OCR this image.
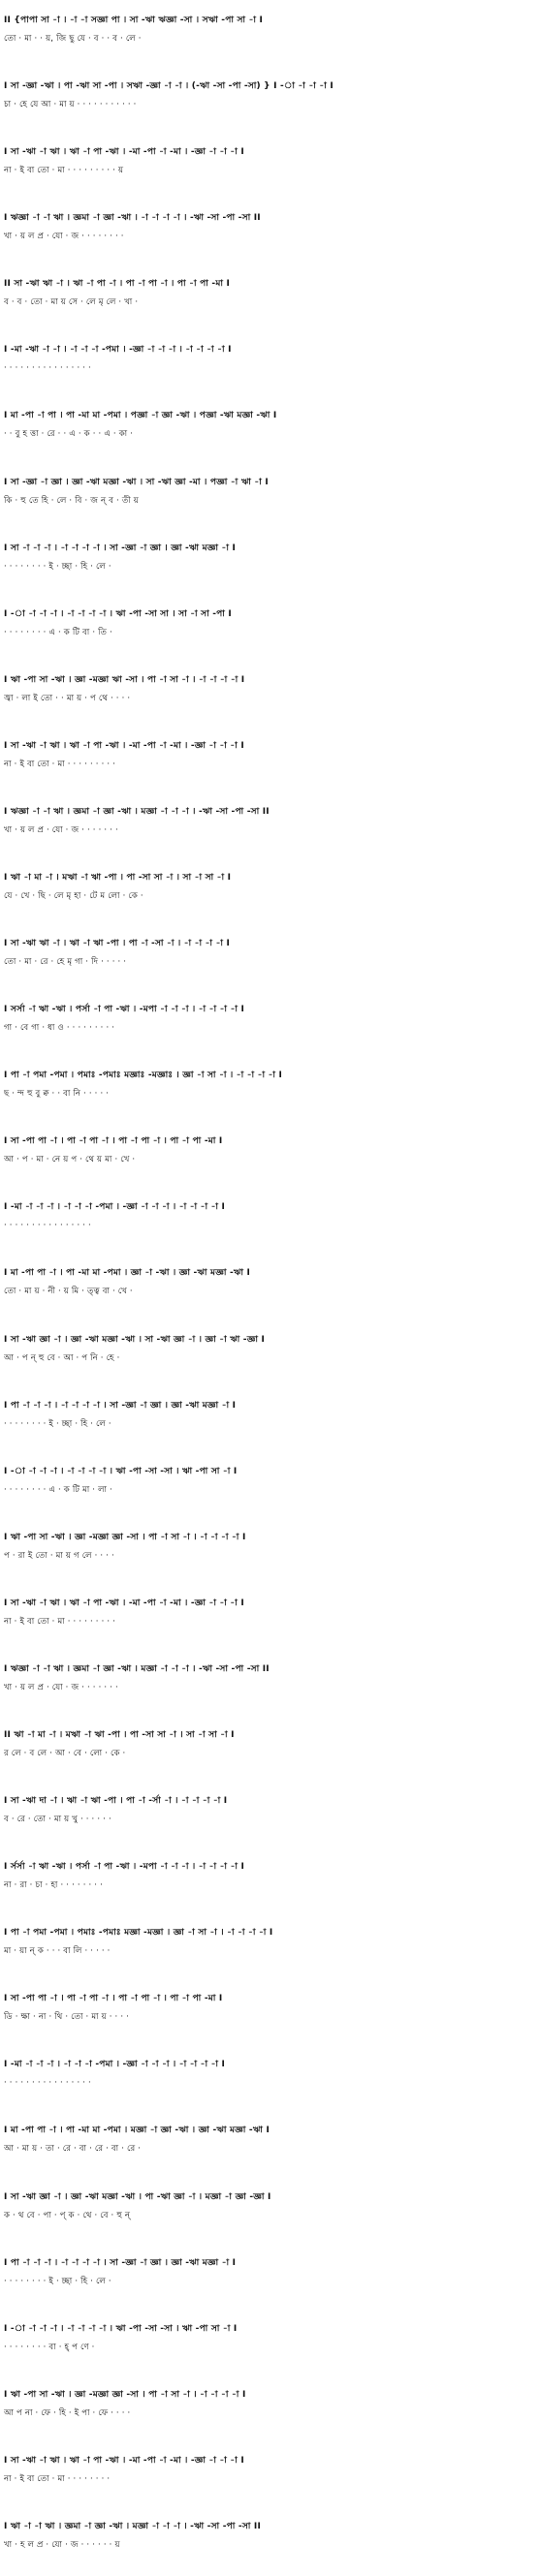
II {পাপা সা -া । -া -া সজ্ঞা পা । সা -ঋা ঋজ্ঞা -সা । সঋা -পা সা -া I
তো · মা · · য়, জি ছু যে · ব · · ব · লে ·
I সা -জ্ঞা -ঋা । পা -ঋা সা -পা । সঋা -জ্ঞা -া -া । (-ঋা -সা -পা -সা) } I -া -া -া -া I
চা · হে যে আ · মা য় · · · · · · · · · · ·
I সা -ঋা -া ঋা । ঋা -া পা -ঋা । -মা -পা -া -মা । -জ্ঞা -া -া -া I
না · ই বা তো · মা · · · · · · · · · য়
I ঋজ্ঞা -া -া ঋা । জ্ঞমা -া জ্ঞা -ঋা । -া -া -া -া । -ঋা -সা -পা -সা II
খা · য় ল প্র · যো · জ · · · · · · · ·
II সা -ঋা ঋা -া । ঋা -া পা -া । পা -া পা -া । পা -া পা -মা I
ব · ব · তো · মা য় সে · লে মৃ লে · খা ·
I -মা -ঋা -া -া । -া -া -া -পমা । -জ্ঞা -া -া -া । -া -া -া -া I
· · · · · · · · · · · · · · · ·
I মা -পা -া পা । পা -মা মা -পমা । পজ্ঞা -া জ্ঞা -ঋা । পজ্ঞা -ঋা মজ্ঞা -ঋা I
· · বু হ ত্তা · রে · · এ · ক · · এ · কা ·
I সা -জ্ঞা -া জ্ঞা । জ্ঞা -ঋা মজ্ঞা -ঋা । সা -ঋা জ্ঞা -মা । পজ্ঞা -া ঋা -া I
কি · হু তে হি · লে · বি · জ ন্ ব · তী য়
I সা -া -া -া । -া -া -া -া । সা -জ্ঞা -া জ্ঞা । জ্ঞা -ঋা মজ্ঞা -া I
· · · · · · · · ই · চ্ছা · হি · লে ·
I -া -া -া -া । -া -া -া -া । ঋা -পা -সা সা । সা -া সা -পা I
· · · · · · · · এ · ক টি বা · তি ·
I ঋা -পা সা -ঋা । জ্ঞা -মজ্ঞা ঋা -সা । পা -া সা -া । -া -া -া -া I
জ্বা · লা ই তো · · মা য় · প থে · · · ·
I সা -ঋা -া ঋা । ঋা -া পা -ঋা । -মা -পা -া -মা । -জ্ঞা -া -া -া I
না · ই বা তো · মা · · · · · · · · ·
I ঋজ্ঞা -া -া ঋা । জ্ঞমা -া জ্ঞা -ঋা । মজ্ঞা -া -া -া । -ঋা -সা -পা -সা II
খা · য় ল প্র · যো · জ · · · · · · ·
I ঋা -া মা -া । মঋা -া ঋা -পা । পা -সা সা -া । সা -া সা -া I
যে · খে · ছি · লে মৃ হা · টে ম লো · কে ·
I সা -ঋা ঋা -া । ঋা -া ঋা -পা । পা -া -সা -া । -া -া -া -া I
তো · মা · রে · হে মৃ গা · দি · · · · ·
I সর্সা -া ঋা -ঋা । পর্সা -া পা -ঋা । -মপা -া -া -া । -া -া -া -া I
গা · বে গা · ধা ও · · · · · · · · ·
I পা -া পমা -পমা । পমাঃ -পমাঃ মজ্ঞাঃ -মজ্ঞাঃ । জ্ঞা -া সা -া । -া -া -া -া I
ছ · ন্দ হু বু ক্ব · · বা নি · · · · ·
I সা -পা পা -া । পা -া পা -া । পা -া পা -া । পা -া পা -মা I
আ · প · মা · নে য় প · থে য় মা · খে ·
I -মা -া -া -া । -া -া -া -পমা । -জ্ঞা -া -া -া । -া -া -া -া I
· · · · · · · · · · · · · · · ·
I মা -পা পা -া । পা -মা মা -পমা । জ্ঞা -া -ঋা । জ্ঞা -ঋা মজ্ঞা -ঋা I
তো · মা য় · নী · য় মি · ত্ত্ব বা · খে ·
I সা -ঋা জ্ঞা -া । জ্ঞা -ঋা মজ্ঞা -ঋা । সা -ঋা জ্ঞা -া । জ্ঞা -া ঋা -জ্ঞা I
আ · প ন্ হু বে · আ · প নি · হে ·
I পা -া -া -া । -া -া -া -া । সা -জ্ঞা -া জ্ঞা । জ্ঞা -ঋা মজ্ঞা -া I
· · · · · · · · ই · চ্ছা · হি · লে ·
I -া -া -া -া । -া -া -া -া । ঋা -পা -সা -সা । ঋা -পা সা -া I
· · · · · · · · এ · ক টি মা · লা ·
I ঋা -পা সা -ঋা । জ্ঞা -মজ্ঞা জ্ঞা -সা । পা -া সা -া । -া -া -া -া I
প · রা ই তো · মা য় গ লে · · · ·
I সা -ঋা -া ঋা । ঋা -া পা -ঋা । -মা -পা -া -মা । -জ্ঞা -া -া -া I
না · ই বা তো · মা · · · · · · · · ·
I ঋজ্ঞা -া -া ঋা । জ্ঞমা -া জ্ঞা -ঋা । মজ্ঞা -া -া -া । -ঋা -সা -পা -সা II
খা · য় ল প্র · যো · জ · · · · · · ·
II ঋা -া মা -া । মঋা -া ঋা -পা । পা -সা সা -া । সা -া সা -া I
র লে · ব লে · আ · বে · লো · কে ·
I সা -ঋা দা -া । ঋা -া ঋা -পা । পা -া -র্সা -া । -া -া -া -া I
ব · রে · তো · মা য় খু · · · · · ·
I র্সর্সা -া ঋা -ঋা । পর্সা -া পা -ঋা । -মপা -া -া -া । -া -া -া -া I
না · রা · চা · হা · · · · · · · ·
I পা -া পমা -পমা । পমাঃ -পমাঃ মজ্ঞা -মজ্ঞা । জ্ঞা -া সা -া । -া -া -া -া I
মা · য়া ন্ ক · · · বা লি · · · · ·
I সা -পা পা -া । পা -া পা -া । পা -া পা -া । পা -া পা -মা I
ডি · ক্ষা · না · থি · তো · মা য় · · · ·
I -মা -া -া -া । -া -া -া -পমা । -জ্ঞা -া -া -া । -া -া -া -া I
· · · · · · · · · · · · · · · ·
I মা -পা পা -া । পা -মা মা -পমা । মজ্ঞা -া জ্ঞা -ঋা । জ্ঞা -ঋা মজ্ঞা -ঋা I
আ · মা য় · তা · রে · বা · রে · বা · রে ·
I সা -ঋা জ্ঞা -া । জ্ঞা -ঋা মজ্ঞা -ঋা । পা -ঋা জ্ঞা -া । মজ্ঞা -া জ্ঞা -জ্ঞা I
ক · থ বে · পা · প্ ক · থে · বে · হু ন্
I পা -া -া -া । -া -া -া -া । সা -জ্ঞা -া জ্ঞা । জ্ঞা -ঋা মজ্ঞা -া I
· · · · · · · · ই · চ্ছা · হি · লে ·
I -া -া -া -া । -া -া -া -া । ঋা -পা -সা -সা । ঋা -পা সা -া I
· · · · · · · · বা · হ্ প ণে ·
I ঋা -পা সা -ঋা । জ্ঞা -মজ্ঞা জ্ঞা -সা । পা -া সা -া । -া -া -া -া I
আ প না · ফে · হি · ই পা · ফে · · · ·
I সা -ঋা -া ঋা । ঋা -া পা -ঋা । -মা -পা -া -মা । -জ্ঞা -া -া -া I
না · ই বা তো · মা · · · · · · · ·
I ঋা -া -া ঋা । জ্ঞমা -া জ্ঞা -ঋা । মজ্ঞা -া -া -া । -ঋা -সা -পা -সা II
খা · হ ল প্র · যো · জ · · · · · · য়
